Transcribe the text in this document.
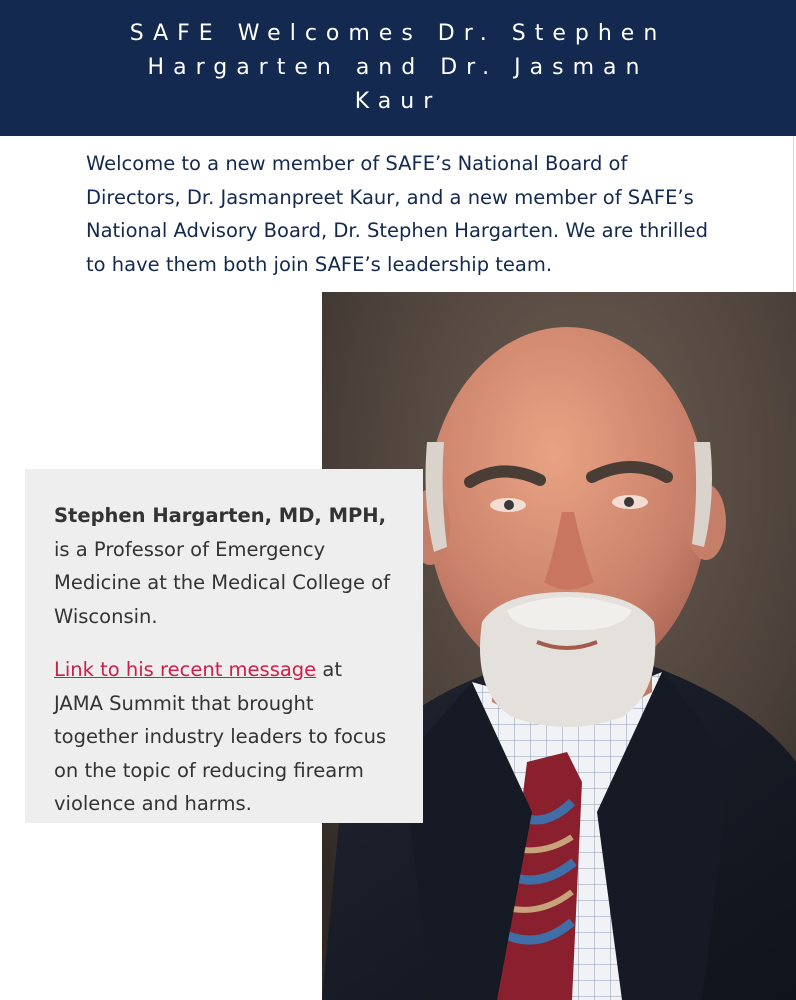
SAFE Welcomes Dr. Stephen Hargarten and Dr. Jasman Kaur

Welcome to a new member of SAFE’s National Board of Directors, Dr. Jasmanpreet Kaur, and a new member of SAFE’s National Advisory Board, Dr. Stephen Hargarten. We are thrilled to have them both join SAFE’s leadership team.

Stephen Hargarten, MD, MPH, is a Professor of Emergency Medicine at the Medical College of Wisconsin.

Link to his recent message at JAMA Summit that brought together industry leaders to focus on the topic of reducing firearm violence and harms.
